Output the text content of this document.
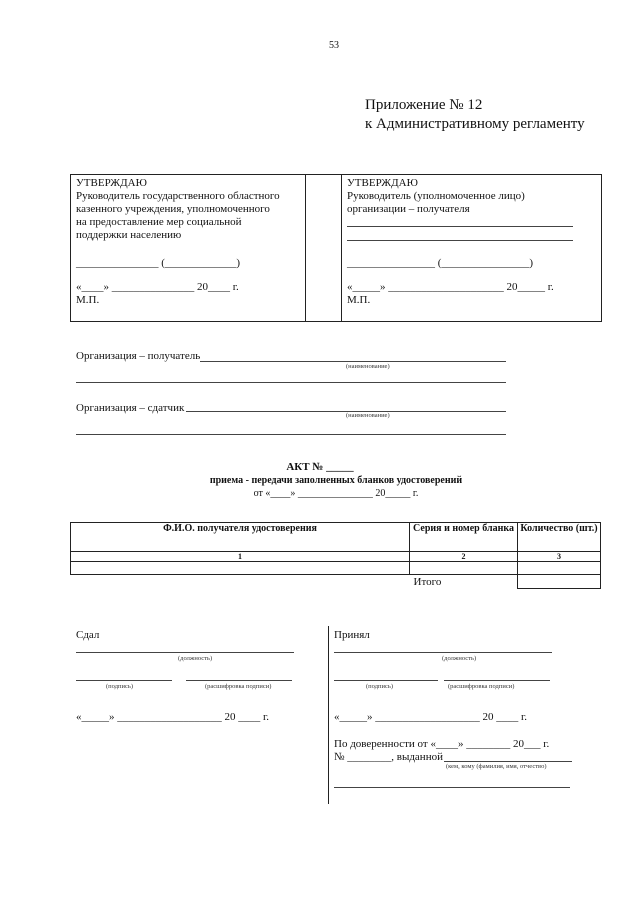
53
Приложение № 12
к Административному регламенту
УТВЕРЖДАЮ
Руководитель государственного областного
казенного учреждения, уполномоченного
на предоставление мер социальной
поддержки населению
_______________ (_____________)
«____» _______________ 20____ г.
М.П.
УТВЕРЖДАЮ
Руководитель (уполномоченное лицо)
организации – получателя
________________ (________________)
«_____» _____________________ 20_____ г.
М.П.
Организация – получатель
(наименование)
Организация – сдатчик
(наименование)
АКТ № _____
приема - передачи заполненных бланков удостоверений
от «____» _______________ 20_____ г.
Ф.И.О. получателя удостоверения	Серия и номер бланка	Количество (шт.)
1	2	3

	Итого	
Сдал
(должность)
(подпись)	(расшифровка подписи)
«_____» ___________________ 20 ____ г.
Принял
(должность)
(подпись)	(расшифровка подписи)
«_____» ___________________ 20 ____ г.
По доверенности от «____» ________ 20___ г.
№ ________, выданной
(кем, кому (фамилия, имя, отчество)
